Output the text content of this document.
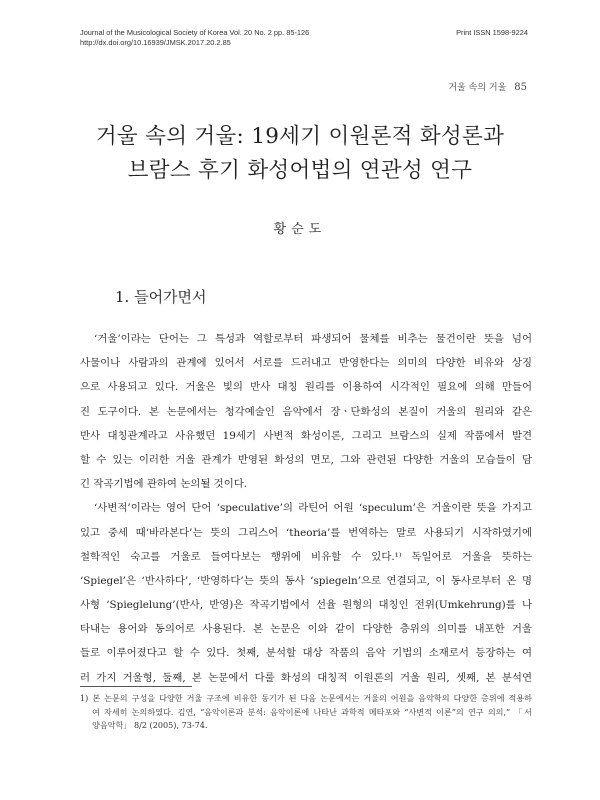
Journal of the Musicological Society of Korea Vol. 20 No. 2 pp. 85-126
http://dx.doi.org/10.16939/JMSK.2017.20.2.85
Print ISSN 1598-9224
거울 속의 거울 85
거울 속의 거울: 19세기 이원론적 화성론과
브람스 후기 화성어법의 연관성 연구
황순도
1. 들어가면서
‘거울’이라는 단어는 그 특성과 역할로부터 파생되어 물체를 비추는 물건이란 뜻을 넘어
사물이나 사람과의 관계에 있어서 서로를 드러내고 반영한다는 의미의 다양한 비유와 상징
으로 사용되고 있다. 거울은 빛의 반사 대칭 원리를 이용하여 시각적인 필요에 의해 만들어
진 도구이다. 본 논문에서는 청각예술인 음악에서 장ㆍ단화성의 본질이 거울의 원리와 같은
반사 대칭관계라고 사유했던 19세기 사변적 화성이론, 그리고 브람스의 실제 작품에서 발견
할 수 있는 이러한 거울 관계가 반영된 화성의 면모, 그와 관련된 다양한 거울의 모습들이 담
긴 작곡기법에 관하여 논의될 것이다.
‘사변적’이라는 영어 단어 ‘speculative’의 라틴어 어원 ‘speculum’은 거울이란 뜻을 가지고
있고 중세 때‘바라본다’는 뜻의 그리스어 ‘theoria’를 번역하는 말로 사용되기 시작하였기에
철학적인 숙고를 거울로 들여다보는 행위에 비유할 수 있다.¹⁾ 독일어로 거울을 뜻하는
‘Spiegel’은 ‘반사하다’, ‘반영하다’는 뜻의 동사 ‘spiegeln’으로 연결되고, 이 동사로부터 온 명
사형 ‘Spieglelung’(반사, 반영)은 작곡기법에서 선율 원형의 대칭인 전위(Umkehrung)를 나
타내는 용어와 동의어로 사용된다. 본 논문은 이와 같이 다양한 층위의 의미를 내포한 거울
들로 이루어졌다고 할 수 있다. 첫째, 분석할 대상 작품의 음악 기법의 소재로서 등장하는 여
러 가지 거울형, 둘째, 본 논문에서 다룰 화성의 대칭적 이원론의 거울 원리, 셋째, 본 분석연
1) 본 논문의 구성을 다양한 거울 구조에 비유한 동기가 된 다음 논문에서는 거울의 어원을 음악학의 다양한 층위에 적용하
여 자세히 논의하였다. 김연, “음악이론과 분석: 음악이론에 나타난 과학적 메타포와 “사변적 이론”의 연구 의의,” 「서
양음악학」 8/2 (2005), 73-74.
